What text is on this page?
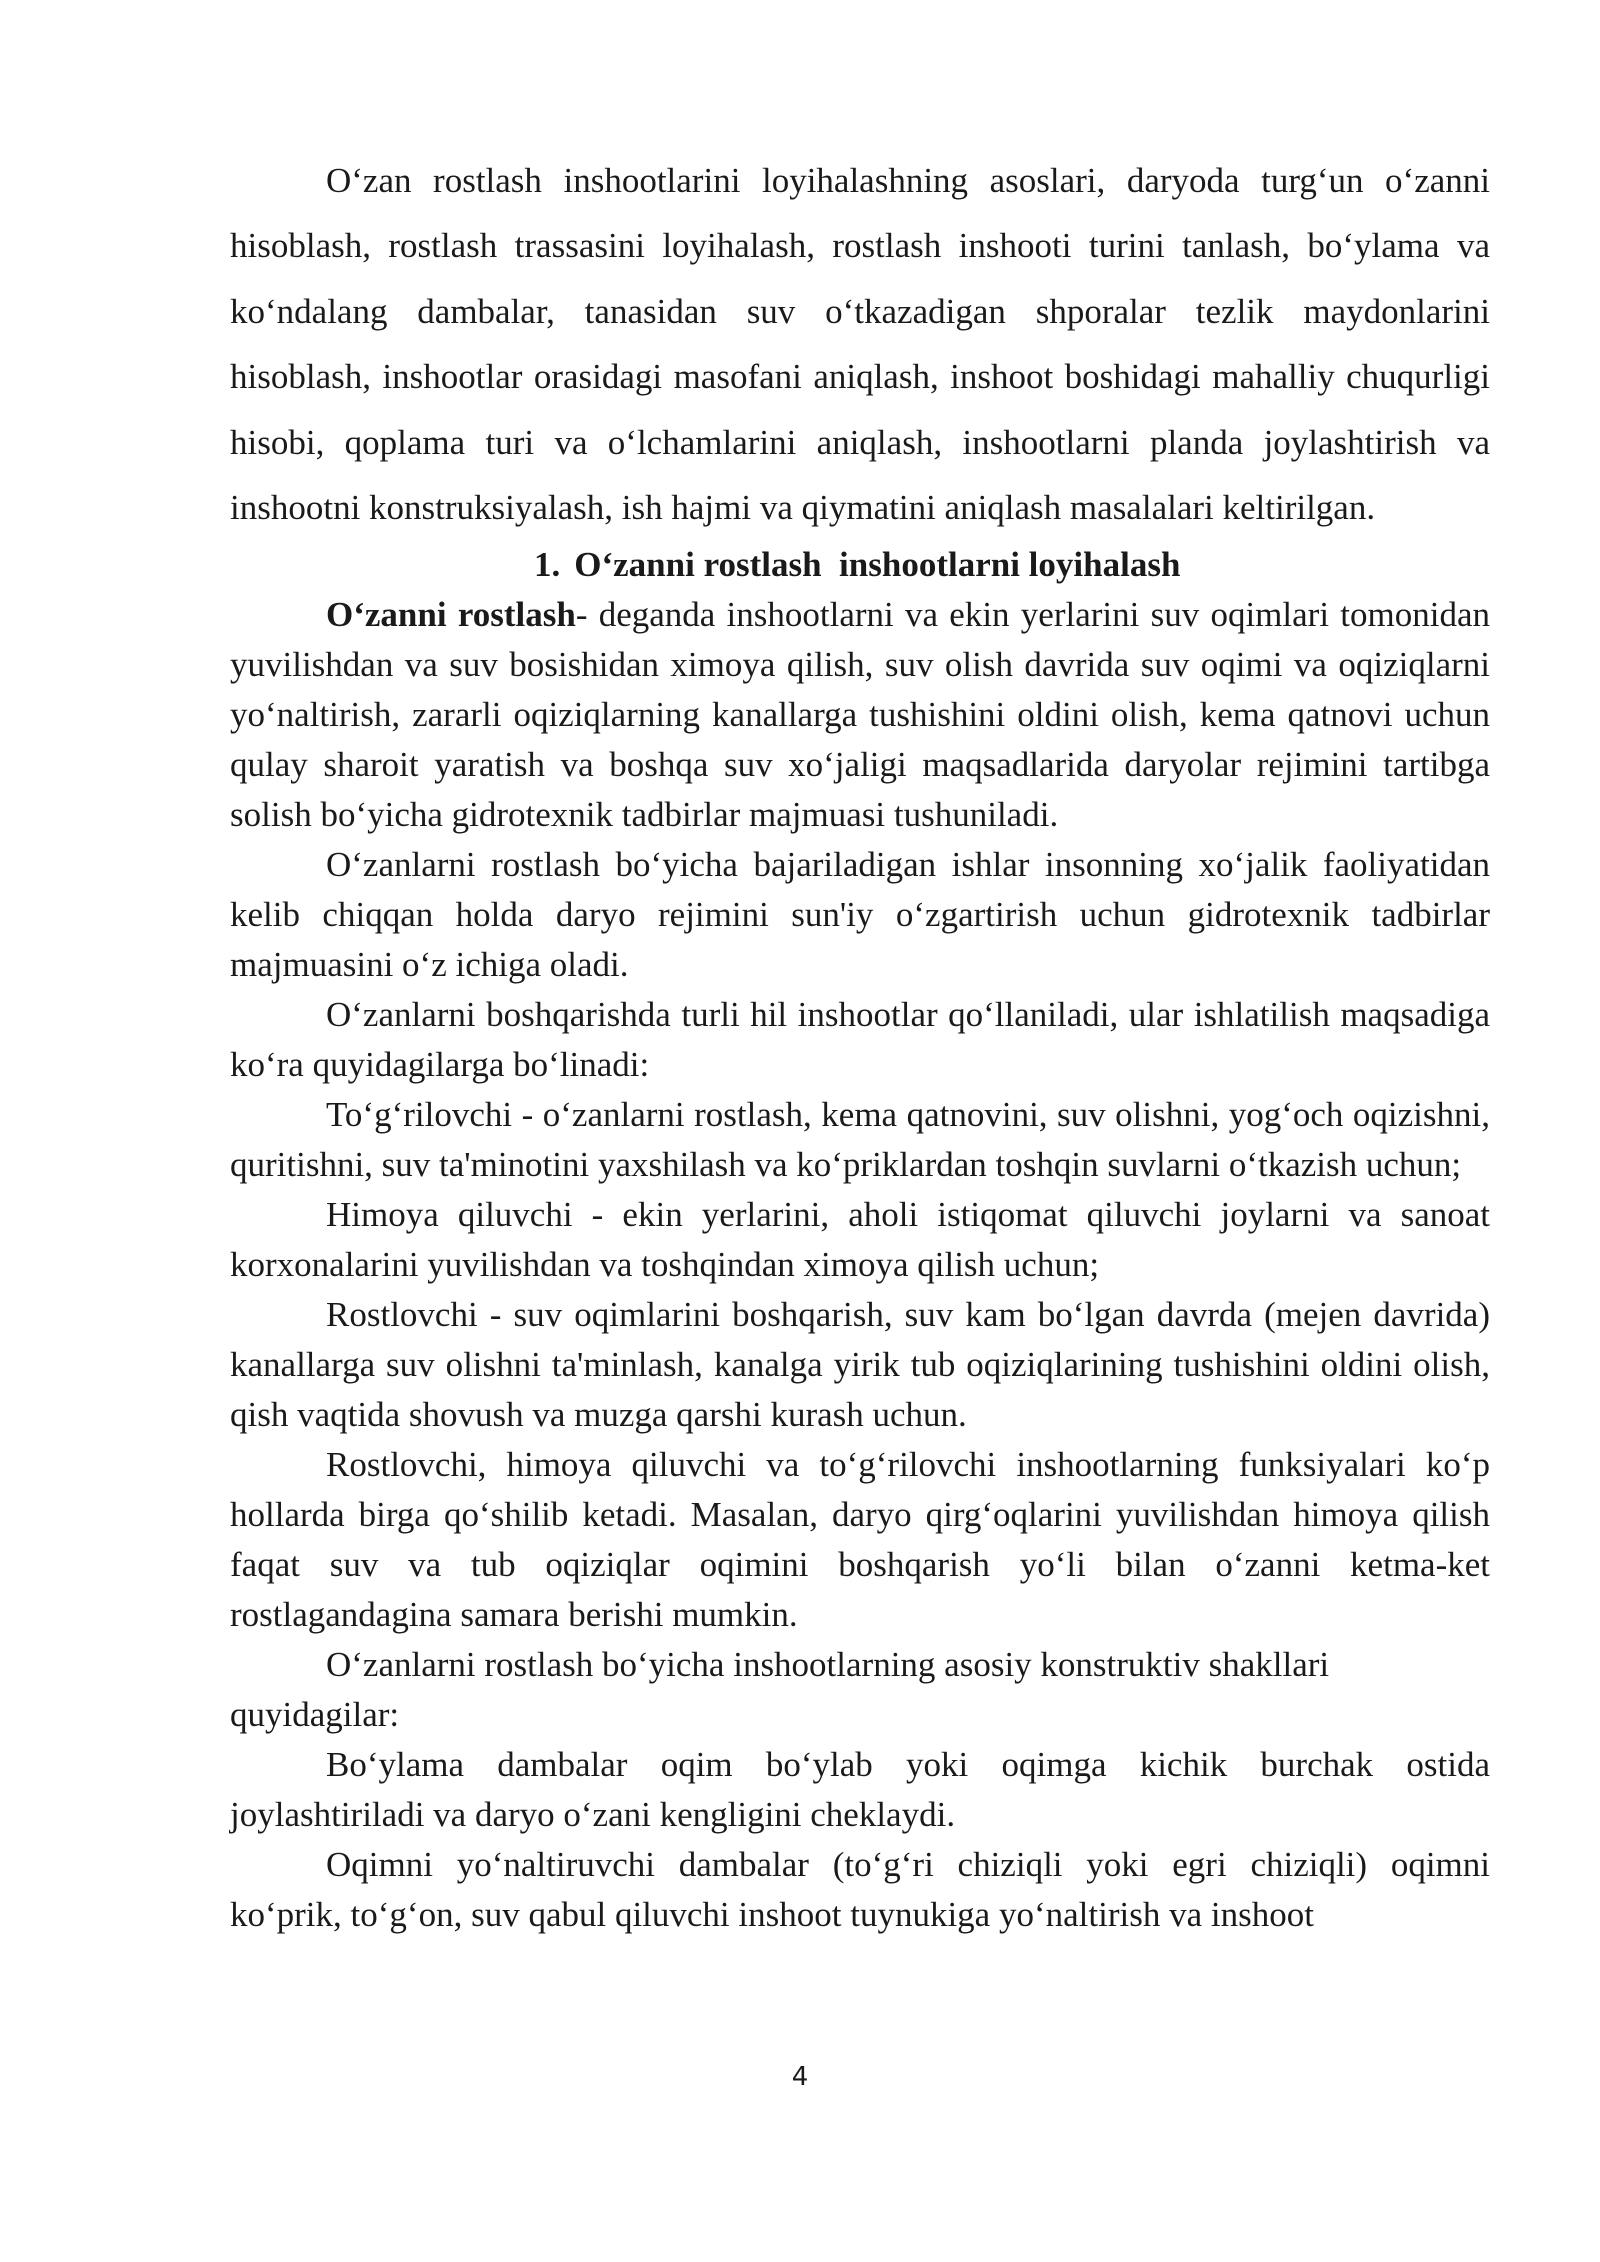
O‘zan rostlash inshootlarini loyihalashning asoslari, daryoda turg‘un o‘zanni hisoblash, rostlash trassasini loyihalash, rostlash inshooti turini tanlash, bo‘ylama va ko‘ndalang dambalar, tanasidan suv o‘tkazadigan shporalar tezlik maydonlarini hisoblash, inshootlar orasidagi masofani aniqlash, inshoot boshidagi mahalliy chuqurligi hisobi, qoplama turi va o‘lchamlarini aniqlash, inshootlarni planda joylashtirish va inshootni konstruksiyalash, ish hajmi va qiymatini aniqlash masalalari keltirilgan.

1. O‘zanni rostlash  inshootlarni loyihalash

O‘zanni rostlash- deganda inshootlarni va ekin yerlarini suv oqimlari tomonidan yuvilishdan va suv bosishidan ximoya qilish, suv olish davrida suv oqimi va oqiziqlarni yo‘naltirish, zararli oqiziqlarning kanallarga tushishini oldini olish, kema qatnovi uchun qulay sharoit yaratish va boshqa suv xo‘jaligi maqsadlarida daryolar rejimini tartibga solish bo‘yicha gidrotexnik tadbirlar majmuasi tushuniladi.

O‘zanlarni rostlash bo‘yicha bajariladigan ishlar insonning xo‘jalik faoliyatidan kelib chiqqan holda daryo rejimini sun'iy o‘zgartirish uchun gidrotexnik tadbirlar majmuasini o‘z ichiga oladi.

O‘zanlarni boshqarishda turli hil inshootlar qo‘llaniladi, ular ishlatilish maqsadiga ko‘ra quyidagilarga bo‘linadi:

To‘g‘rilovchi - o‘zanlarni rostlash, kema qatnovini, suv olishni, yog‘och oqizishni, quritishni, suv ta'minotini yaxshilash va ko‘priklardan toshqin suvlarni o‘tkazish uchun;

Himoya qiluvchi - ekin yerlarini, aholi istiqomat qiluvchi joylarni va sanoat korxonalarini yuvilishdan va toshqindan ximoya qilish uchun;

Rostlovchi - suv oqimlarini boshqarish, suv kam bo‘lgan davrda (mejen davrida) kanallarga suv olishni ta'minlash, kanalga yirik tub oqiziqlarining tushishini oldini olish, qish vaqtida shovush va muzga qarshi kurash uchun.

Rostlovchi, himoya qiluvchi va to‘g‘rilovchi inshootlarning funksiyalari ko‘p hollarda birga qo‘shilib ketadi. Masalan, daryo qirg‘oqlarini yuvilishdan himoya qilish faqat suv va tub oqiziqlar oqimini boshqarish yo‘li bilan o‘zanni ketma-ket rostlagandagina samara berishi mumkin.

O‘zanlarni rostlash bo‘yicha inshootlarning asosiy konstruktiv shakllari quyidagilar:

Bo‘ylama dambalar oqim bo‘ylab yoki oqimga kichik burchak ostida joylashtiriladi va daryo o‘zani kengligini cheklaydi.

Oqimni yo‘naltiruvchi dambalar (to‘g‘ri chiziqli yoki egri chiziqli) oqimni ko‘prik, to‘g‘on, suv qabul qiluvchi inshoot tuynukiga yo‘naltirish va inshoot

4
